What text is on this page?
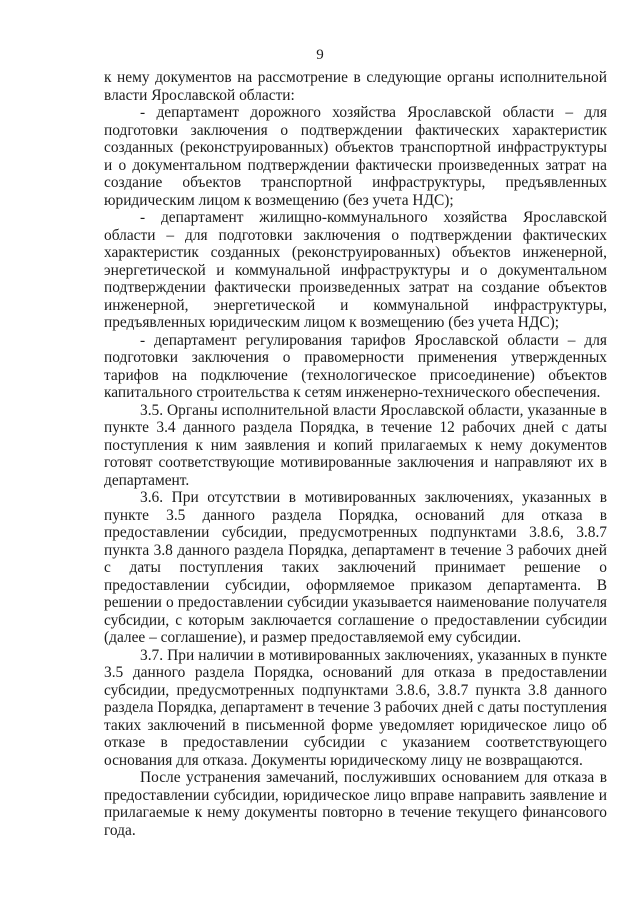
9

к нему документов на рассмотрение в следующие органы исполнительной власти Ярославской области:

- департамент дорожного хозяйства Ярославской области – для подготовки заключения о подтверждении фактических характеристик созданных (реконструированных) объектов транспортной инфраструктуры и о документальном подтверждении фактически произведенных затрат на создание объектов транспортной инфраструктуры, предъявленных юридическим лицом к возмещению (без учета НДС);

- департамент жилищно-коммунального хозяйства Ярославской области – для подготовки заключения о подтверждении фактических характеристик созданных (реконструированных) объектов инженерной, энергетической и коммунальной инфраструктуры и о документальном подтверждении фактически произведенных затрат на создание объектов инженерной, энергетической и коммунальной инфраструктуры, предъявленных юридическим лицом к возмещению (без учета НДС);

- департамент регулирования тарифов Ярославской области – для подготовки заключения о правомерности применения утвержденных тарифов на подключение (технологическое присоединение) объектов капитального строительства к сетям инженерно-технического обеспечения.

3.5. Органы исполнительной власти Ярославской области, указанные в пункте 3.4 данного раздела Порядка, в течение 12 рабочих дней с даты поступления к ним заявления и копий прилагаемых к нему документов готовят соответствующие мотивированные заключения и направляют их в департамент.

3.6. При отсутствии в мотивированных заключениях, указанных в пункте 3.5 данного раздела Порядка, оснований для отказа в предоставлении субсидии, предусмотренных подпунктами 3.8.6, 3.8.7 пункта 3.8 данного раздела Порядка, департамент в течение 3 рабочих дней с даты поступления таких заключений принимает решение о предоставлении субсидии, оформляемое приказом департамента. В решении о предоставлении субсидии указывается наименование получателя субсидии, с которым заключается соглашение о предоставлении субсидии (далее – соглашение), и размер предоставляемой ему субсидии.

3.7. При наличии в мотивированных заключениях, указанных в пункте 3.5 данного раздела Порядка, оснований для отказа в предоставлении субсидии, предусмотренных подпунктами 3.8.6, 3.8.7 пункта 3.8 данного раздела Порядка, департамент в течение 3 рабочих дней с даты поступления таких заключений в письменной форме уведомляет юридическое лицо об отказе в предоставлении субсидии с указанием соответствующего основания для отказа. Документы юридическому лицу не возвращаются.

После устранения замечаний, послуживших основанием для отказа в предоставлении субсидии, юридическое лицо вправе направить заявление и прилагаемые к нему документы повторно в течение текущего финансового года.
